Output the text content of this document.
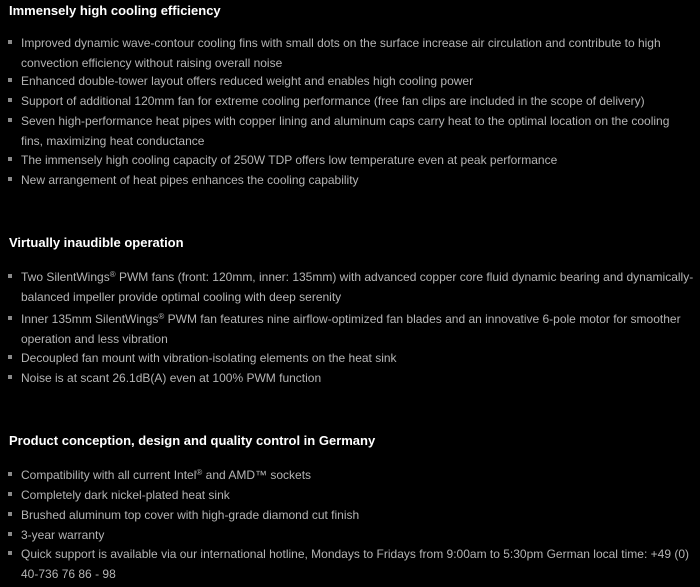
Immensely high cooling efficiency
Improved dynamic wave-contour cooling fins with small dots on the surface increase air circulation and contribute to high
convection efficiency without raising overall noise
Enhanced double-tower layout offers reduced weight and enables high cooling power
Support of additional 120mm fan for extreme cooling performance (free fan clips are included in the scope of delivery)
Seven high-performance heat pipes with copper lining and aluminum caps carry heat to the optimal location on the cooling
fins, maximizing heat conductance
The immensely high cooling capacity of 250W TDP offers low temperature even at peak performance
New arrangement of heat pipes enhances the cooling capability
Virtually inaudible operation
Two SilentWings® PWM fans (front: 120mm, inner: 135mm) with advanced copper core fluid dynamic bearing and dynamically-
balanced impeller provide optimal cooling with deep serenity
Inner 135mm SilentWings® PWM fan features nine airflow-optimized fan blades and an innovative 6-pole motor for smoother
operation and less vibration
Decoupled fan mount with vibration-isolating elements on the heat sink
Noise is at scant 26.1dB(A) even at 100% PWM function
Product conception, design and quality control in Germany
Compatibility with all current Intel® and AMD™ sockets
Completely dark nickel-plated heat sink
Brushed aluminum top cover with high-grade diamond cut finish
3-year warranty
Quick support is available via our international hotline, Mondays to Fridays from 9:00am to 5:30pm German local time: +49 (0)
40-736 76 86 - 98
